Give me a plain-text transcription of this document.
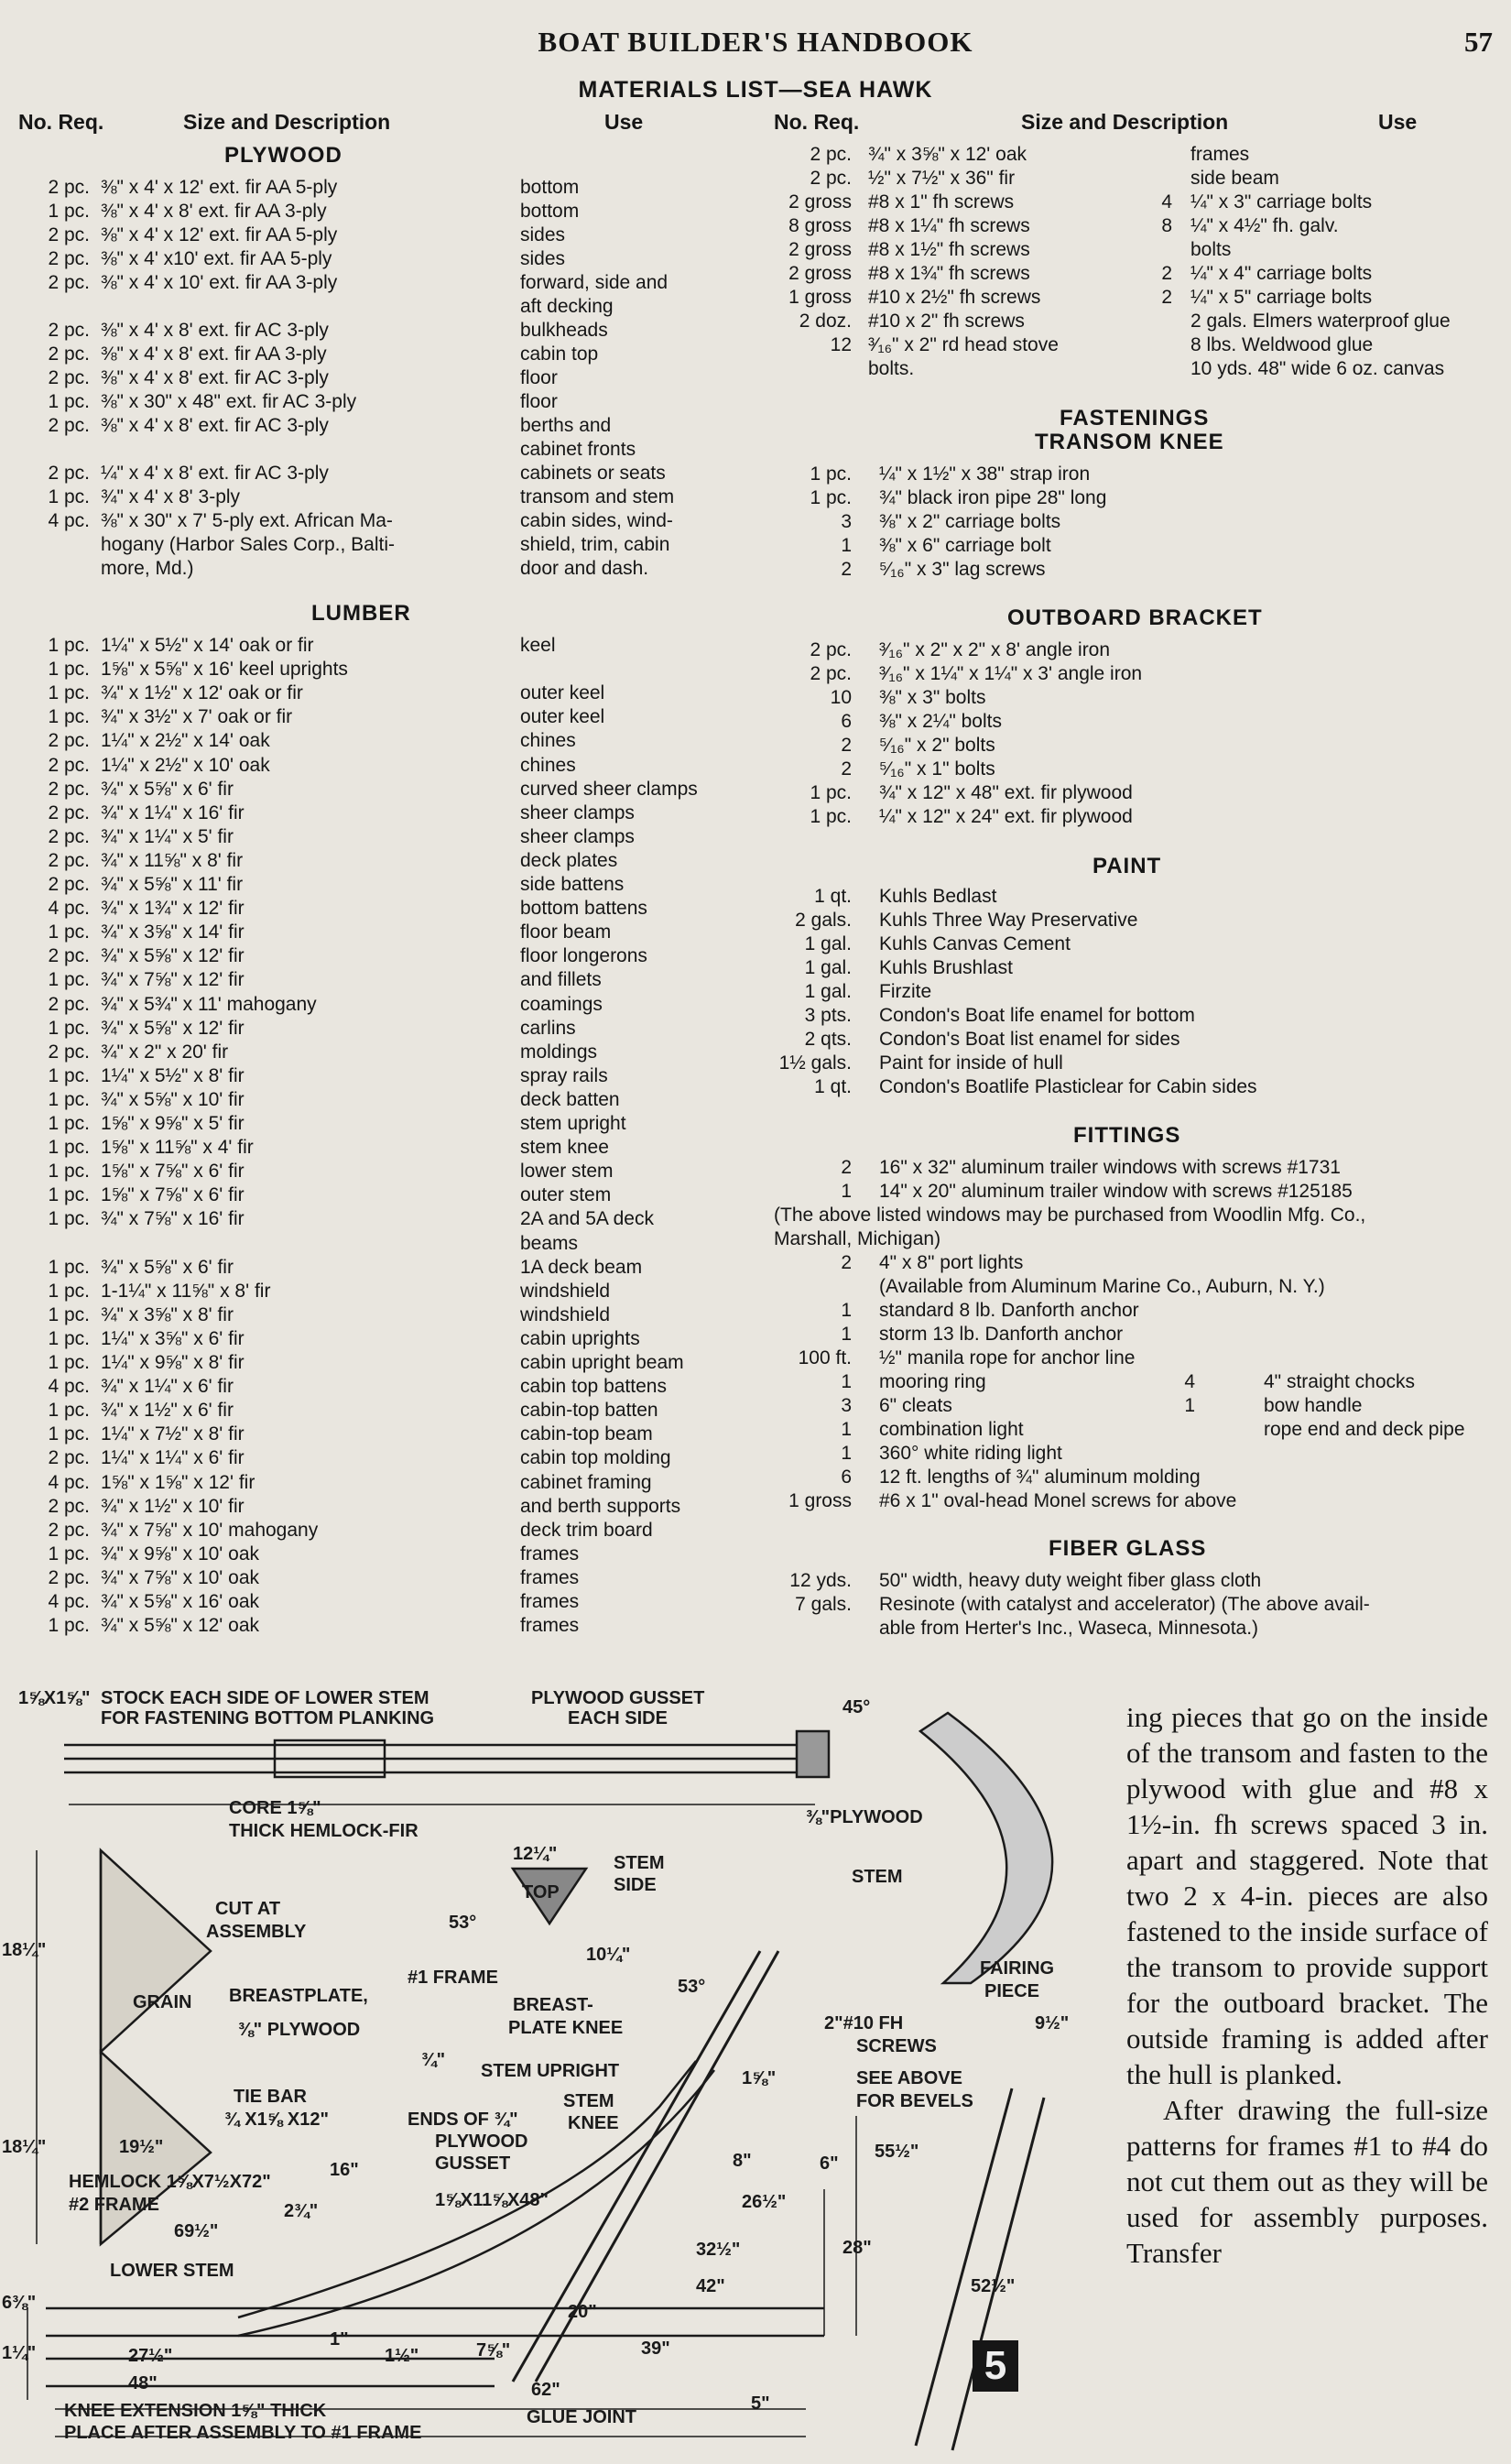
BOAT BUILDER'S HANDBOOK	57
MATERIALS LIST—SEA HAWK
No. Req.	Size and Description	Use	No. Req.	Size and Description	Use
PLYWOOD
2 pc. ⅜" x 4' x 12' ext. fir AA 5-ply	bottom
1 pc. ⅜" x 4' x 8' ext. fir AA 3-ply	bottom
2 pc. ⅜" x 4' x 12' ext. fir AA 5-ply	sides
2 pc. ⅜" x 4' x10' ext. fir AA 5-ply	sides
2 pc. ⅜" x 4' x 10' ext. fir AA 3-ply	forward, side and
aft decking
2 pc. ⅜" x 4' x 8' ext. fir AC 3-ply	bulkheads
2 pc. ⅜" x 4' x 8' ext. fir AA 3-ply	cabin top
2 pc. ⅜" x 4' x 8' ext. fir AC 3-ply	floor
1 pc. ⅜" x 30" x 48" ext. fir AC 3-ply	floor
2 pc. ⅜" x 4' x 8' ext. fir AC 3-ply	berths and
cabinet fronts
2 pc. ¼" x 4' x 8' ext. fir AC 3-ply	cabinets or seats
1 pc. ¾" x 4' x 8' 3-ply	transom and stem
4 pc. ⅜" x 30" x 7' 5-ply ext. African Ma-	cabin sides, wind-
hogany (Harbor Sales Corp., Balti-	shield, trim, cabin
more, Md.)	door and dash.
LUMBER
1 pc. 1¼" x 5½" x 14' oak or fir	keel
1 pc. 1⅝" x 5⅝" x 16' keel uprights
1 pc. ¾" x 1½" x 12' oak or fir	outer keel
1 pc. ¾" x 3½" x 7' oak or fir	outer keel
2 pc. 1¼" x 2½" x 14' oak	chines
2 pc. 1¼" x 2½" x 10' oak	chines
2 pc. ¾" x 5⅝" x 6' fir	curved sheer clamps
2 pc. ¾" x 1¼" x 16' fir	sheer clamps
2 pc. ¾" x 1¼" x 5' fir	sheer clamps
2 pc. ¾" x 11⅝" x 8' fir	deck plates
2 pc. ¾" x 5⅝" x 11' fir	side battens
4 pc. ¾" x 1¾" x 12' fir	bottom battens
1 pc. ¾" x 3⅝" x 14' fir	floor beam
2 pc. ¾" x 5⅝" x 12' fir	floor longerons
1 pc. ¾" x 7⅝" x 12' fir	and fillets
2 pc. ¾" x 5¾" x 11' mahogany	coamings
1 pc. ¾" x 5⅝" x 12' fir	carlins
2 pc. ¾" x 2" x 20' fir	moldings
1 pc. 1¼" x 5½" x 8' fir	spray rails
1 pc. ¾" x 5⅝" x 10' fir	deck batten
1 pc. 1⅝" x 9⅝" x 5' fir	stem upright
1 pc. 1⅝" x 11⅝" x 4' fir	stem knee
1 pc. 1⅝" x 7⅝" x 6' fir	lower stem
1 pc. 1⅝" x 7⅝" x 6' fir	outer stem
1 pc. ¾" x 7⅝" x 16' fir	2A and 5A deck
beams
1 pc. ¾" x 5⅝" x 6' fir	1A deck beam
1 pc. 1-1¼" x 11⅝" x 8' fir	windshield
1 pc. ¾" x 3⅝" x 8' fir	windshield
1 pc. 1¼" x 3⅝" x 6' fir	cabin uprights
1 pc. 1¼" x 9⅝" x 8' fir	cabin upright beam
4 pc. ¾" x 1¼" x 6' fir	cabin top battens
1 pc. ¾" x 1½" x 6' fir	cabin-top batten
1 pc. 1¼" x 7½" x 8' fir	cabin-top beam
2 pc. 1¼" x 1¼" x 6' fir	cabin top molding
4 pc. 1⅝" x 1⅝" x 12' fir	cabinet framing
2 pc. ¾" x 1½" x 10' fir	and berth supports
2 pc. ¾" x 7⅝" x 10' mahogany	deck trim board
1 pc. ¾" x 9⅝" x 10' oak	frames
2 pc. ¾" x 7⅝" x 10' oak	frames
4 pc. ¾" x 5⅝" x 16' oak	frames
1 pc. ¾" x 5⅝" x 12' oak	frames
2 pc. ¾" x 3⅝" x 12' oak	frames
2 pc. ½" x 7½" x 36" fir	side beam
2 gross #8 x 1" fh screws	4 ¼" x 3" carriage bolts
8 gross #8 x 1¼" fh screws	8 ¼" x 4½" fh. galv.
2 gross #8 x 1½" fh screws	bolts
2 gross #8 x 1¾" fh screws	2 ¼" x 4" carriage bolts
1 gross #10 x 2½" fh screws	2 ¼" x 5" carriage bolts
2 doz. #10 x 2" fh screws	2 gals. Elmers waterproof glue
12 ³⁄₁₆" x 2" rd head stove	8 lbs. Weldwood glue
bolts.	10 yds. 48" wide 6 oz. canvas
FASTENINGS
TRANSOM KNEE
1 pc. ¼" x 1½" x 38" strap iron
1 pc. ¾" black iron pipe 28" long
3 ⅜" x 2" carriage bolts
1 ⅜" x 6" carriage bolt
2 ⁵⁄₁₆" x 3" lag screws
OUTBOARD BRACKET
2 pc. ³⁄₁₆" x 2" x 2" x 8' angle iron
2 pc. ³⁄₁₆" x 1¼" x 1¼" x 3' angle iron
10 ⅜" x 3" bolts
6 ⅜" x 2¼" bolts
2 ⁵⁄₁₆" x 2" bolts
2 ⁵⁄₁₆" x 1" bolts
1 pc. ¾" x 12" x 48" ext. fir plywood
1 pc. ¼" x 12" x 24" ext. fir plywood
PAINT
1 qt. Kuhls Bedlast
2 gals. Kuhls Three Way Preservative
1 gal. Kuhls Canvas Cement
1 gal. Kuhls Brushlast
1 gal. Firzite
3 pts. Condon's Boat life enamel for bottom
2 qts. Condon's Boat list enamel for sides
1½ gals. Paint for inside of hull
1 qt. Condon's Boatlife Plasticlear for Cabin sides
FITTINGS
2 16" x 32" aluminum trailer windows with screws #1731
1 14" x 20" aluminum trailer window with screws #125185
(The above listed windows may be purchased from Woodlin Mfg. Co.,
Marshall, Michigan)
2 4" x 8" port lights
(Available from Aluminum Marine Co., Auburn, N. Y.)
1 standard 8 lb. Danforth anchor
1 storm 13 lb. Danforth anchor
100 ft. ½" manila rope for anchor line
1 mooring ring	4	4" straight chocks
3 6" cleats	1	bow handle
1 combination light	rope end and deck pipe
1 360° white riding light
6 12 ft. lengths of ¾" aluminum molding
1 gross #6 x 1" oval-head Monel screws for above
FIBER GLASS
12 yds. 50" width, heavy duty weight fiber glass cloth
7 gals. Resinote (with catalyst and accelerator) (The above avail-
able from Herter's Inc., Waseca, Minnesota.)
1⅝X1⅝" STOCK EACH SIDE OF LOWER STEM
FOR FASTENING BOTTOM PLANKING
PLYWOOD GUSSET
EACH SIDE
45°
CORE 1⅝"
THICK HEMLOCK-FIR
⅜"PLYWOOD
STEM
12¼"
TOP
STEM
SIDE
53°
10¼"
53°
CUT AT
ASSEMBLY
18¼"
18¼"
GRAIN BREASTPLATE,
⅜" PLYWOOD
#1 FRAME
BREAST-
PLATE KNEE
FAIRING
PIECE
2"#10 FH
SCREWS
9½"
STEM UPRIGHT	SEE ABOVE
FOR BEVELS
¾"
1⅝"
STEM
KNEE
TIE BAR
¾ X1⅝ X12"	ENDS OF ¾"
PLYWOOD
GUSSET
19½"
16"
HEMLOCK 1⅝X7½X72"
#2 FRAME	2¾"
1⅝X11⅝X48"
8"	6"
26½"
55½"
69½"
32½"	28"
LOWER STEM
42"
6⅜"	20"
52½"
1"
27½"	1½"	7⅝"	39"
1¼"
48"	62"
5"
KNEE EXTENSION 1⅝" THICK
PLACE AFTER ASSEMBLY TO #1 FRAME
GLUE JOINT
5

ing pieces that go on the inside of the transom and fasten to the plywood with glue and #8 x 1½-in. fh screws spaced 3 in. apart and staggered. Note that two 2 x 4-in. pieces are also fastened to the inside surface of the transom to provide support for the outboard bracket. The outside framing is added after the hull is planked.

After drawing the full-size patterns for frames #1 to #4 do not cut them out as they will be used for assembly purposes. Transfer
